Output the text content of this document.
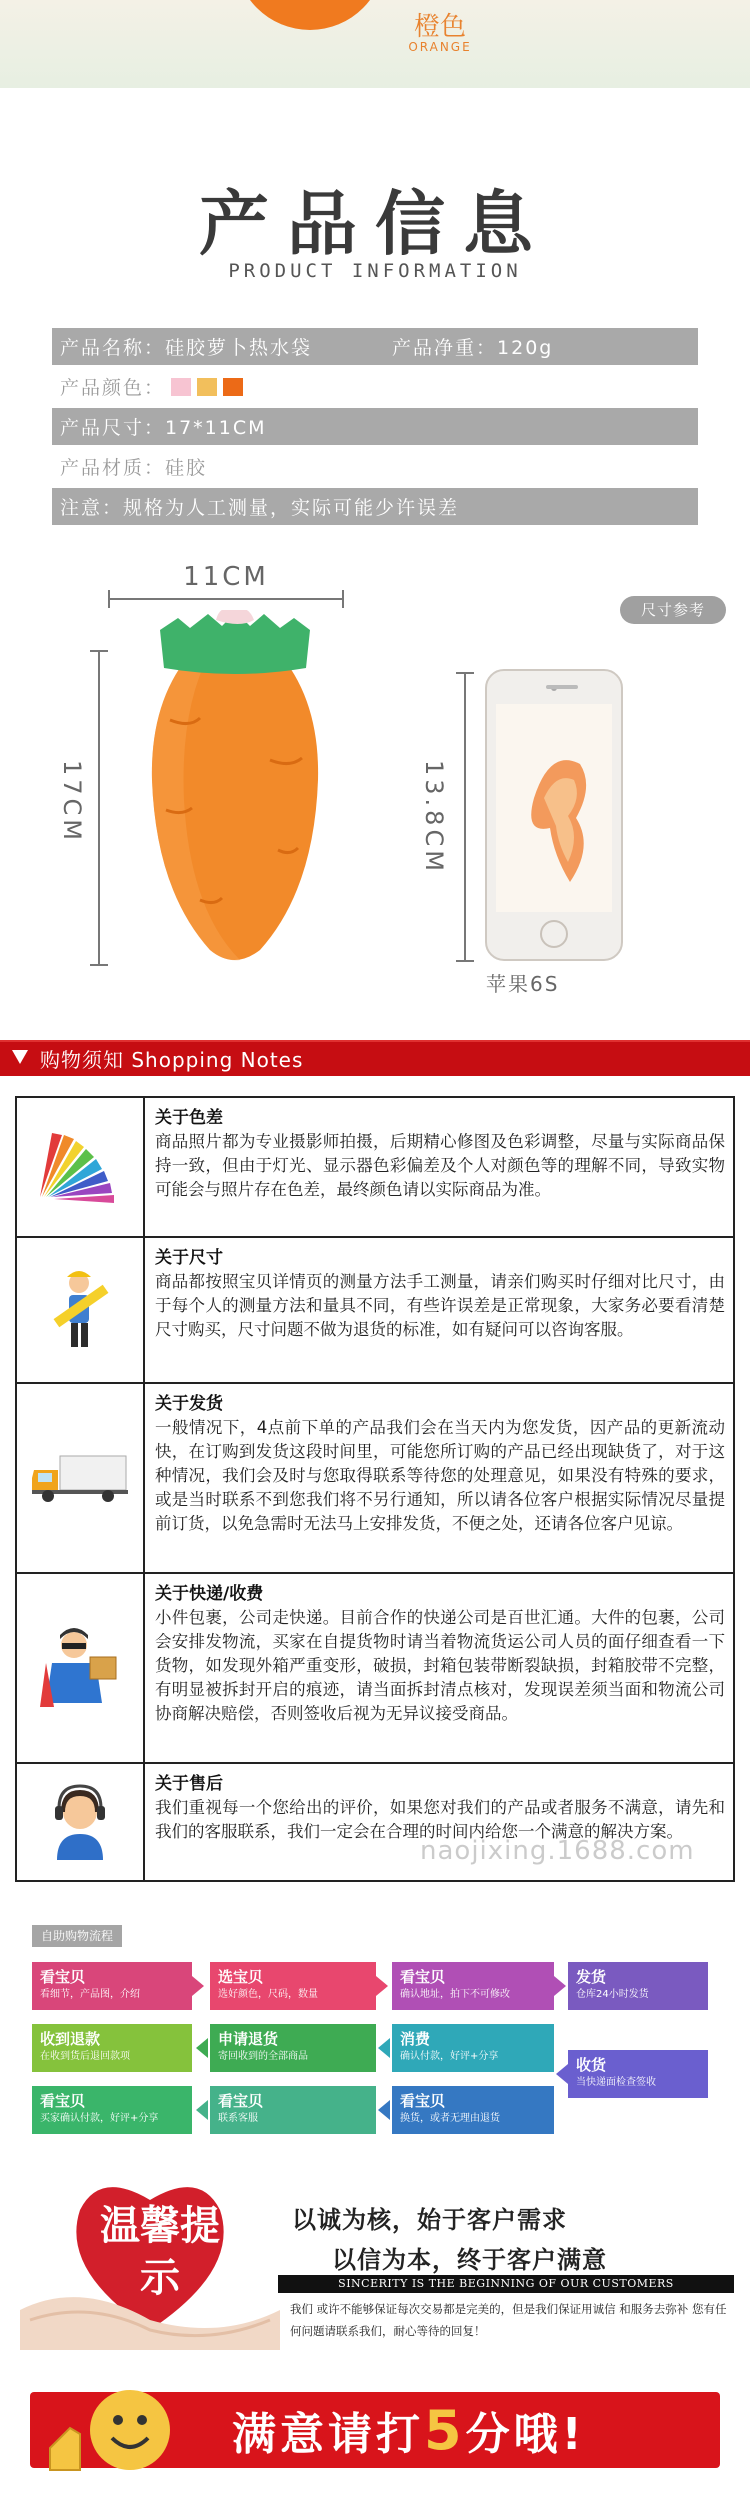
橙色
ORANGE
产品信息
PRODUCT INFORMATION
产品名称：硅胶萝卜热水袋	产品净重：120g
产品颜色：
产品尺寸：17*11CM
产品材质：硅胶
注意：规格为人工测量，实际可能少许误差
尺寸参考
11CM
17CM	13.8CM
苹果6S
购物须知 Shopping Notes
关于色差
商品照片都为专业摄影师拍摄，后期精心修图及色彩调整，尽量与实际商品保持一致，但由于灯光、显示器色彩偏差及个人对颜色等的理解不同，导致实物可能会与照片存在色差，最终颜色请以实际商品为准。
关于尺寸
商品都按照宝贝详情页的测量方法手工测量，请亲们购买时仔细对比尺寸，由于每个人的测量方法和量具不同，有些许误差是正常现象，大家务必要看清楚尺寸购买，尺寸问题不做为退货的标准，如有疑问可以咨询客服。
关于发货
一般情况下，4点前下单的产品我们会在当天内为您发货，因产品的更新流动快，在订购到发货这段时间里，可能您所订购的产品已经出现缺货了，对于这种情况，我们会及时与您取得联系等待您的处理意见，如果没有特殊的要求，或是当时联系不到您我们将不另行通知，所以请各位客户根据实际情况尽量提前订货，以免急需时无法马上安排发货，不便之处，还请各位客户见谅。
关于快递/收费
小件包裹，公司走快递。目前合作的快递公司是百世汇通。大件的包裹，公司会安排发物流，买家在自提货物时请当着物流货运公司人员的面仔细查看一下货物，如发现外箱严重变形，破损，封箱包装带断裂缺损，封箱胶带不完整，有明显被拆封开启的痕迹，请当面拆封清点核对，发现误差须当面和物流公司协商解决赔偿，否则签收后视为无异议接受商品。
关于售后
我们重视每一个您给出的评价，如果您对我们的产品或者服务不满意，请先和我们的客服联系，我们一定会在合理的时间内给您一个满意的解决方案。
naojixing.1688.com
自助购物流程
看宝贝
看细节，产品图，介绍
选宝贝
选好颜色，尺码，数量
看宝贝
确认地址，拍下不可修改
发货
仓库24小时发货
收货
当快递面检查签收
消费
确认付款，好评+分享
申请退货
寄回收到的全部商品
收到退款
在收到货后退回款项
看宝贝
买家确认付款，好评+分享
看宝贝
联系客服
看宝贝
换货，或者无理由退货
温馨提示
以诚为核，始于客户需求
以信为本，终于客户满意
SINCERITY IS THE BEGINNING OF OUR CUSTOMERS
我们 或许不能够保证每次交易都是完美的，但是我们保证用诚信 和服务去弥补 您有任何问题请联系我们，耐心等待的回复！
满意请打5分哦!
